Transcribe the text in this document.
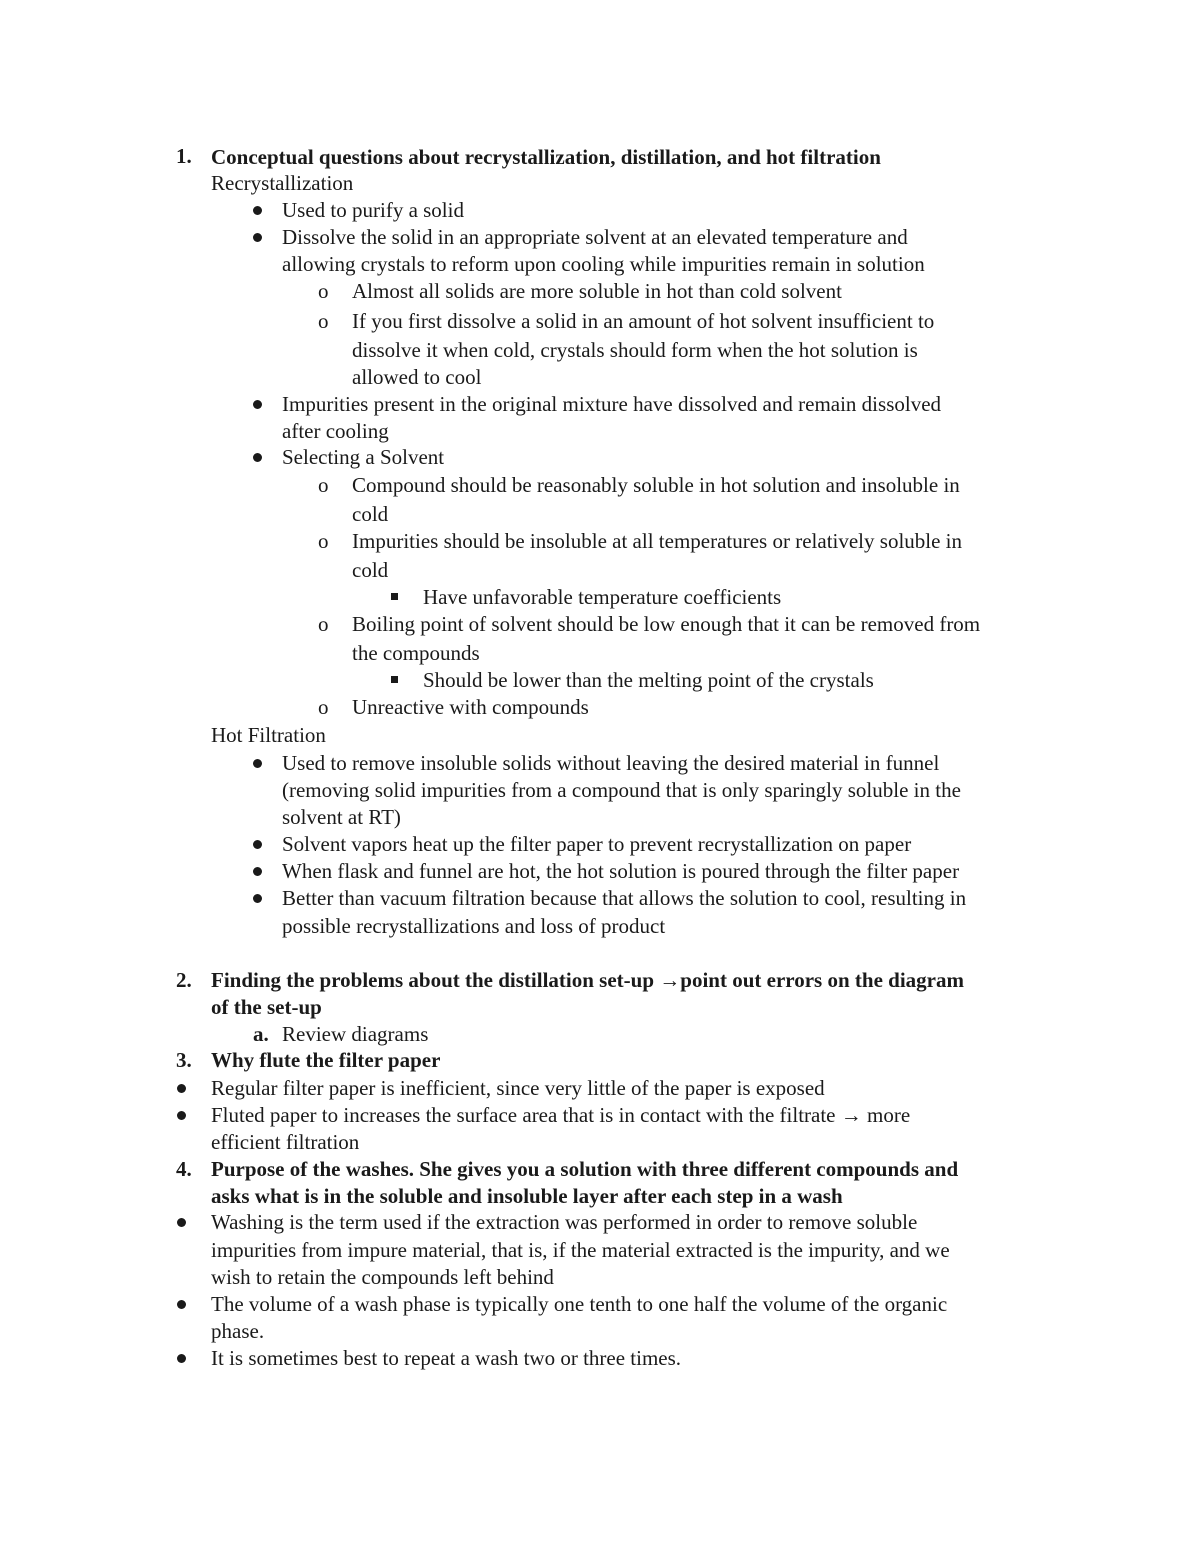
1. Conceptual questions about recrystallization, distillation, and hot filtration
Recrystallization
Used to purify a solid
Dissolve the solid in an appropriate solvent at an elevated temperature and
allowing crystals to reform upon cooling while impurities remain in solution
o Almost all solids are more soluble in hot than cold solvent
o If you first dissolve a solid in an amount of hot solvent insufficient to
dissolve it when cold, crystals should form when the hot solution is
allowed to cool
Impurities present in the original mixture have dissolved and remain dissolved
after cooling
Selecting a Solvent
o Compound should be reasonably soluble in hot solution and insoluble in
cold
o Impurities should be insoluble at all temperatures or relatively soluble in
cold
Have unfavorable temperature coefficients
o Boiling point of solvent should be low enough that it can be removed from
the compounds
Should be lower than the melting point of the crystals
o Unreactive with compounds
Hot Filtration
Used to remove insoluble solids without leaving the desired material in funnel
(removing solid impurities from a compound that is only sparingly soluble in the
solvent at RT)
Solvent vapors heat up the filter paper to prevent recrystallization on paper
When flask and funnel are hot, the hot solution is poured through the filter paper
Better than vacuum filtration because that allows the solution to cool, resulting in
possible recrystallizations and loss of product
2. Finding the problems about the distillation set-up →point out errors on the diagram
of the set-up
a. Review diagrams
3. Why flute the filter paper
Regular filter paper is inefficient, since very little of the paper is exposed
Fluted paper to increases the surface area that is in contact with the filtrate → more
efficient filtration
4. Purpose of the washes. She gives you a solution with three different compounds and
asks what is in the soluble and insoluble layer after each step in a wash
Washing is the term used if the extraction was performed in order to remove soluble
impurities from impure material, that is, if the material extracted is the impurity, and we
wish to retain the compounds left behind
The volume of a wash phase is typically one tenth to one half the volume of the organic
phase.
It is sometimes best to repeat a wash two or three times.
